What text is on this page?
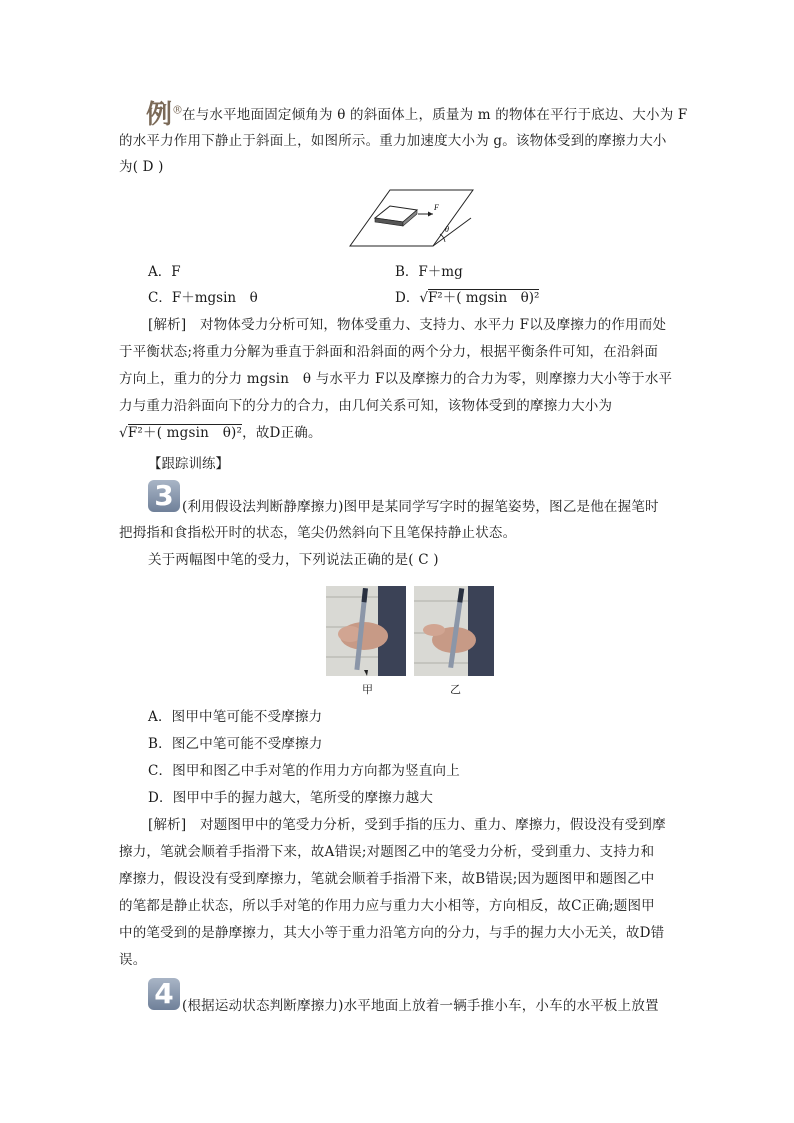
例®
在与水平地面固定倾角为 θ 的斜面体上，质量为 m 的物体在平行于底边、大小为 F
的水平力作用下静止于斜面上，如图所示。重力加速度大小为 g。该物体受到的摩擦力大小
为( D )
F
θ
A．F	B．F＋mg
C．F＋mgsin　θ	D．√F²＋( mgsin　θ)²
[解析]　对物体受力分析可知，物体受重力、支持力、水平力 F以及摩擦力的作用而处
于平衡状态;将重力分解为垂直于斜面和沿斜面的两个分力，根据平衡条件可知，在沿斜面
方向上，重力的分力 mgsin　θ 与水平力 F以及摩擦力的合力为零，则摩擦力大小等于水平
力与重力沿斜面向下的分力的合力，由几何关系可知，该物体受到的摩擦力大小为
√F²＋( mgsin　θ)²，故D正确。
【跟踪训练】
3 (利用假设法判断静摩擦力)图甲是某同学写字时的握笔姿势，图乙是他在握笔时
把拇指和食指松开时的状态，笔尖仍然斜向下且笔保持静止状态。
关于两幅图中笔的受力，下列说法正确的是( C )
甲	乙
A．图甲中笔可能不受摩擦力
B．图乙中笔可能不受摩擦力
C．图甲和图乙中手对笔的作用力方向都为竖直向上
D．图甲中手的握力越大，笔所受的摩擦力越大
[解析]　对题图甲中的笔受力分析，受到手指的压力、重力、摩擦力，假设没有受到摩
擦力，笔就会顺着手指滑下来，故A错误;对题图乙中的笔受力分析，受到重力、支持力和
摩擦力，假设没有受到摩擦力，笔就会顺着手指滑下来，故B错误;因为题图甲和题图乙中
的笔都是静止状态，所以手对笔的作用力应与重力大小相等，方向相反，故C正确;题图甲
中的笔受到的是静摩擦力，其大小等于重力沿笔方向的分力，与手的握力大小无关，故D错
误。
4 (根据运动状态判断摩擦力)水平地面上放着一辆手推小车，小车的水平板上放置
